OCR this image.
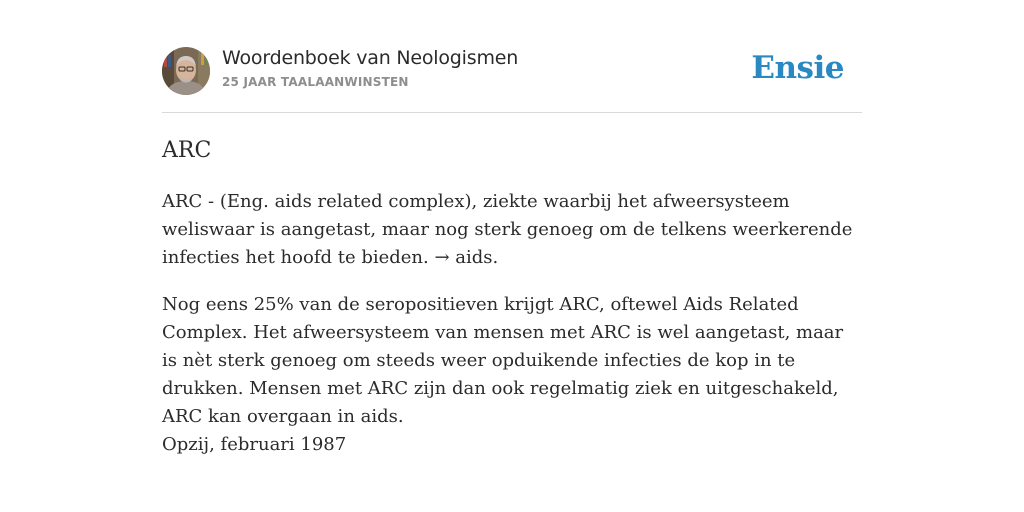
Woordenboek van Neologismen
25 JAAR TAALAANWINSTEN	Ensie
ARC

ARC - (Eng. aids related complex), ziekte waarbij het afweersysteem weliswaar is aangetast, maar nog sterk genoeg om de telkens weerkerende infecties het hoofd te bieden. → aids.

Nog eens 25% van de seropositieven krijgt ARC, oftewel Aids Related Complex. Het afweersysteem van mensen met ARC is wel aangetast, maar is nèt sterk genoeg om steeds weer opduikende infecties de kop in te drukken. Mensen met ARC zijn dan ook regelmatig ziek en uitgeschakeld, ARC kan overgaan in aids.
Opzij, februari 1987
